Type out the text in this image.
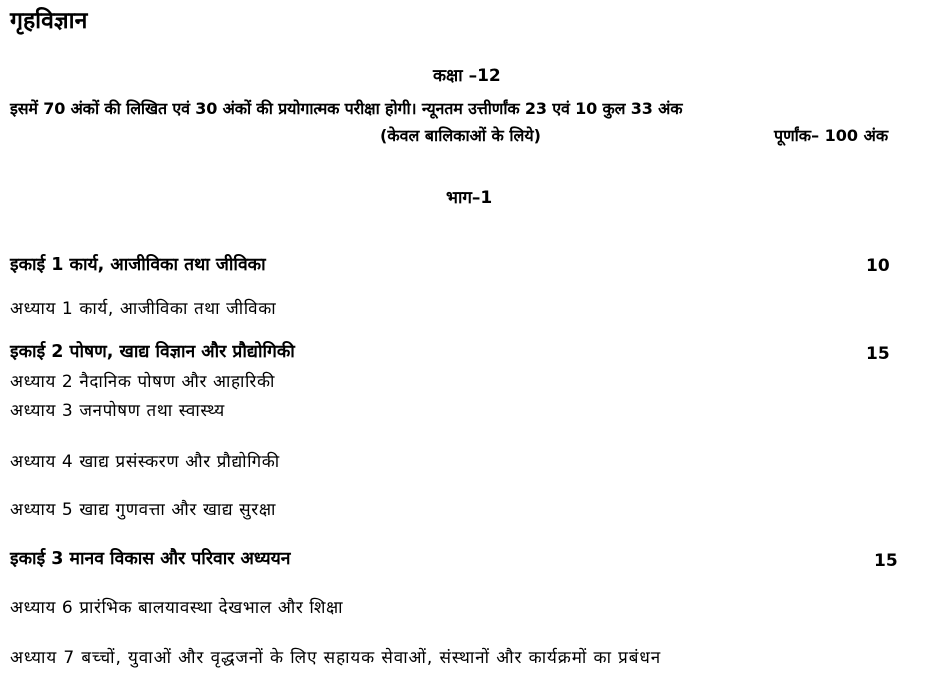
गृहविज्ञान
कक्षा –12
इसमें 70 अंकों की लिखित एवं 30 अंकों की प्रयोगात्मक परीक्षा होगी। न्यूनतम उत्तीर्णांक 23 एवं 10 कुल 33 अंक
(केवल बालिकाओं के लिये)	पूर्णांक– 100 अंक
भाग–1
इकाई 1 कार्य, आजीविका तथा जीविका	10
अध्याय 1 कार्य, आजीविका तथा जीविका
इकाई 2 पोषण, खाद्य विज्ञान और प्रौद्योगिकी	15
अध्याय 2 नैदानिक पोषण और आहारिकी
अध्याय 3 जनपोषण तथा स्वास्थ्य
अध्याय 4 खाद्य प्रसंस्करण और प्रौद्योगिकी
अध्याय 5 खाद्य गुणवत्ता और खाद्य सुरक्षा
इकाई 3 मानव विकास और परिवार अध्ययन	15
अध्याय 6 प्रारंभिक बालयावस्था देखभाल और शिक्षा
अध्याय 7 बच्चों, युवाओं और वृद्धजनों के लिए सहायक सेवाओं, संस्थानों और कार्यक्रमों का प्रबंधन
